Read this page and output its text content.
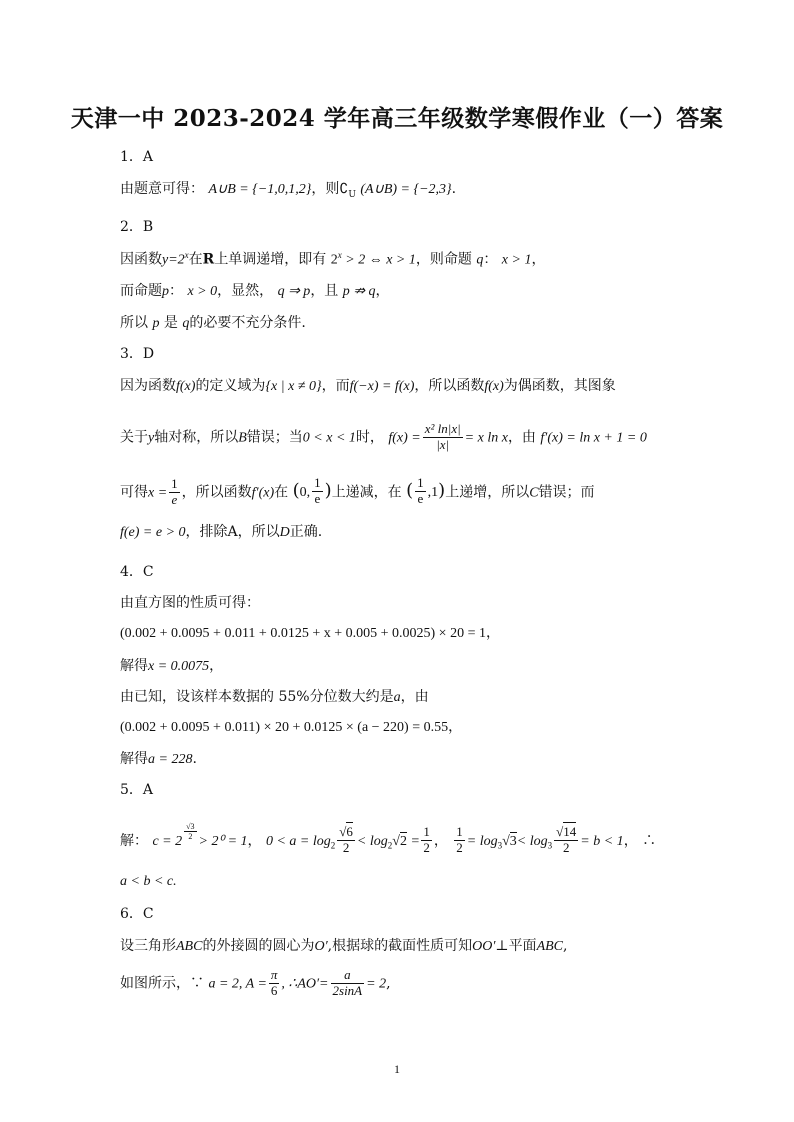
天津一中 2023-2024 学年高三年级数学寒假作业（一）答案
1．A
由题意可得： A∪B = {−1,0,1,2}，则$∁_U$ (A∪B) = {−2,3}.
2．B
因函数$y=2^x$在R上单调递增，即有 $2^x > 2$ ⇔ x > 1，则命题 q： x > 1，
而命题p： x > 0，显然， q ⇒ p，且 p ⇏ q，
所以 p 是 q的必要不充分条件.
3．D
因为函数f(x)的定义域为{x | x ≠ 0}，而f(−x) = f(x)，所以函数f(x)为偶函数，其图象
关于y轴对称，所以B错误；当0 < x < 1时， $f(x) = \frac{\text{x² ln|x|}}{|x|} = x$ ln x，由 f′(x) = ln x + 1 = 0
可得$x = \frac{1}{e}$ ，所以函数f′(x)在 (0, $\frac{1}{e}$ )上递减，在 ( $\frac{1}{e} ,1$)上递增，所以C错误；而
f(e) = e > 0，排除A，所以D正确.
4．C
由直方图的性质可得：
(0.002 + 0.0095 + 0.011 + 0.0125 + x + 0.005 + 0.0025) × 20 = 1，
解得x = 0.0075，
由已知，设该样本数据的 55%分位数大约是a，由
(0.002 + 0.0095 + 0.011) × 20 + 0.0125 × (a − 220) = 0.55，
解得a = 228.
5．A
解： $c = 2 \frac{√3}{2} > 2^0 = 1$， $0 < a = \log_2 \frac{√6}{2} < \log_2√2 = \frac{1}{2}$ ， $\frac{1}{2} = \log_3√3< \log_3 \frac{√14}{2} = b < 1$， ∴
a < b < c.
6．C
设三角形ABC的外接圆的圆心为O′,根据球的截面性质可知OO′⊥平面ABC,
如图所示，∵ a = 2, $A = \frac{\pi}{6}$ , ∴AO′= $\frac{a}{2\sin A} = 2$,
1
